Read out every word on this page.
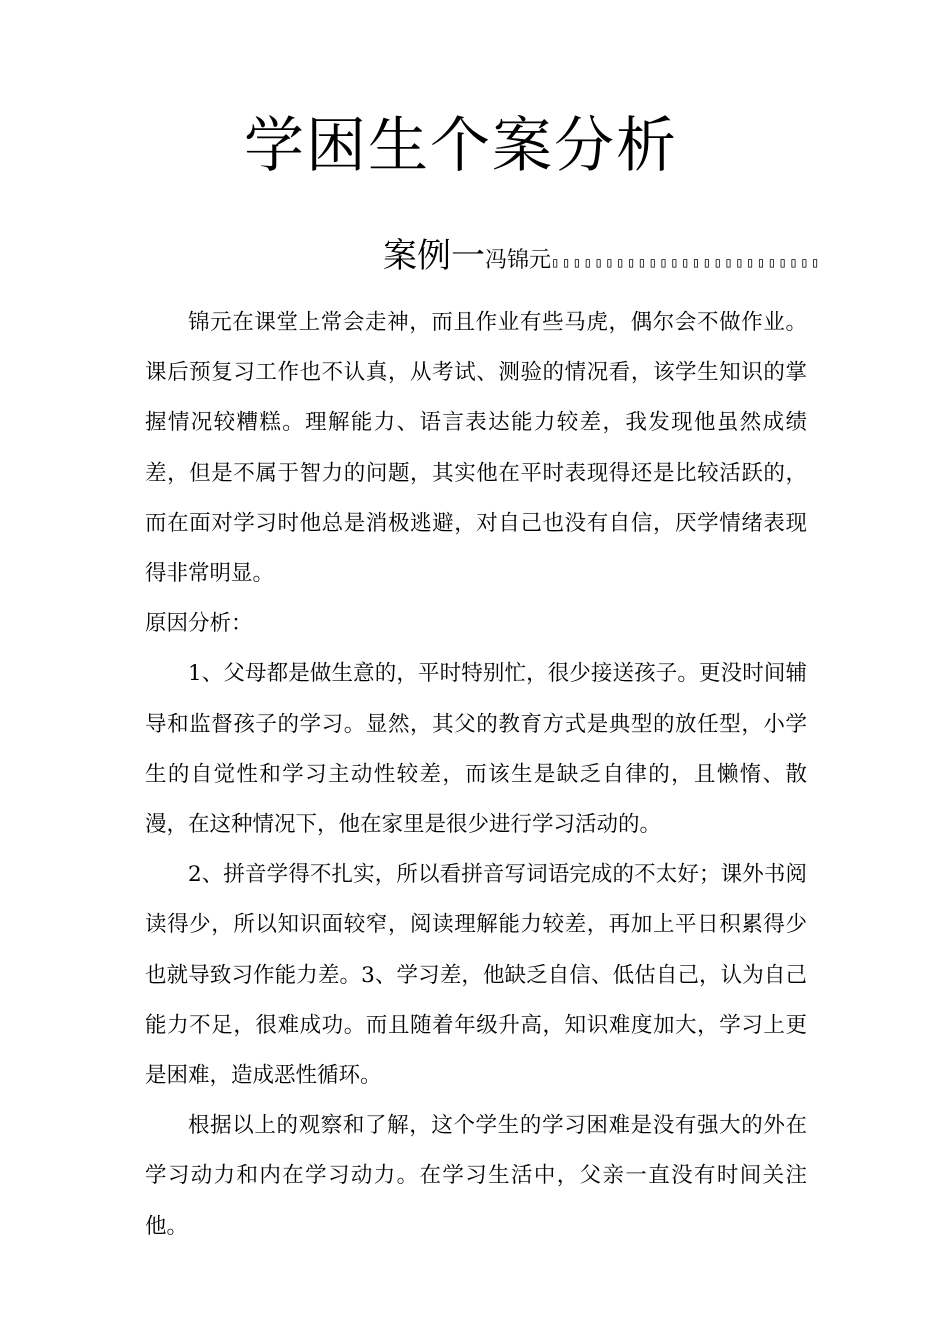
学困生个案分析
案例一冯锦元▯▯▯▯▯▯▯▯▯▯▯▯▯▯▯▯▯▯▯▯▯▯▯▯▯

锦元在课堂上常会走神，而且作业有些马虎，偶尔会不做作业。课后预复习工作也不认真，从考试、测验的情况看，该学生知识的掌握情况较糟糕。理解能力、语言表达能力较差，我发现他虽然成绩差，但是不属于智力的问题，其实他在平时表现得还是比较活跃的，而在面对学习时他总是消极逃避，对自己也没有自信，厌学情绪表现得非常明显。

原因分析：

1、父母都是做生意的，平时特别忙，很少接送孩子。更没时间辅导和监督孩子的学习。显然，其父的教育方式是典型的放任型，小学生的自觉性和学习主动性较差，而该生是缺乏自律的，且懒惰、散漫，在这种情况下，他在家里是很少进行学习活动的。

2、拼音学得不扎实，所以看拼音写词语完成的不太好；课外书阅读得少，所以知识面较窄，阅读理解能力较差，再加上平日积累得少也就导致习作能力差。3、学习差，他缺乏自信、低估自己，认为自己能力不足，很难成功。而且随着年级升高，知识难度加大，学习上更是困难，造成恶性循环。

根据以上的观察和了解，这个学生的学习困难是没有强大的外在学习动力和内在学习动力。在学习生活中，父亲一直没有时间关注他。
